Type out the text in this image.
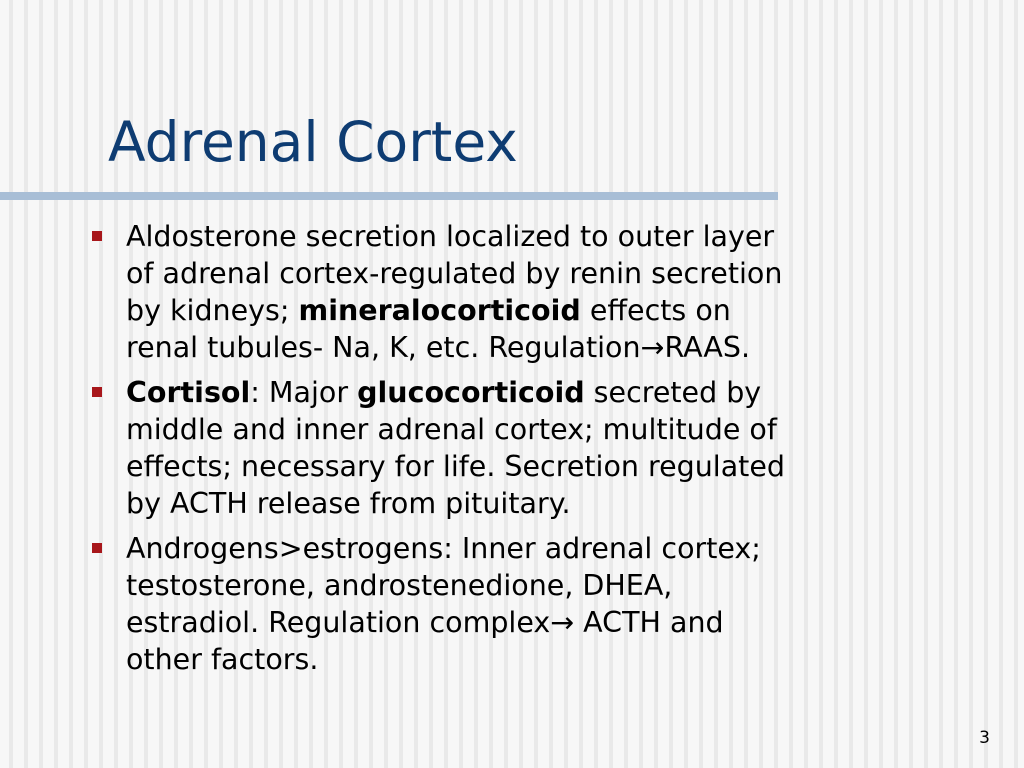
Adrenal Cortex
Aldosterone secretion localized to outer layer
of adrenal cortex-regulated by renin secretion
by kidneys; mineralocorticoid effects on
renal tubules- Na, K, etc. Regulation→RAAS.
Cortisol: Major glucocorticoid secreted by
middle and inner adrenal cortex; multitude of
effects; necessary for life. Secretion regulated
by ACTH release from pituitary.
Androgens>estrogens: Inner adrenal cortex;
testosterone, androstenedione, DHEA,
estradiol. Regulation complex→ ACTH and
other factors.
3
